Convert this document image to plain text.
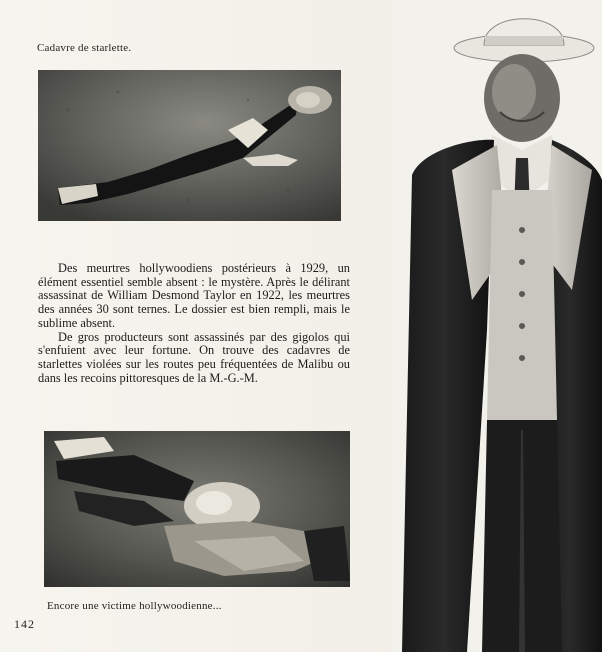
Cadavre de starlette.

Des meurtres hollywoodiens postérieurs à 1929, un élément essentiel semble absent : le mystère. Après le délirant assassinat de William Desmond Taylor en 1922, les meurtres des années 30 sont ternes. Le dossier est bien rempli, mais le sublime absent.

De gros producteurs sont assassinés par des gigolos qui s'enfuient avec leur fortune. On trouve des cadavres de starlettes violées sur les routes peu fréquentées de Malibu ou dans les recoins pittoresques de la M.-G.-M.

Encore une victime hollywoodienne...
142
